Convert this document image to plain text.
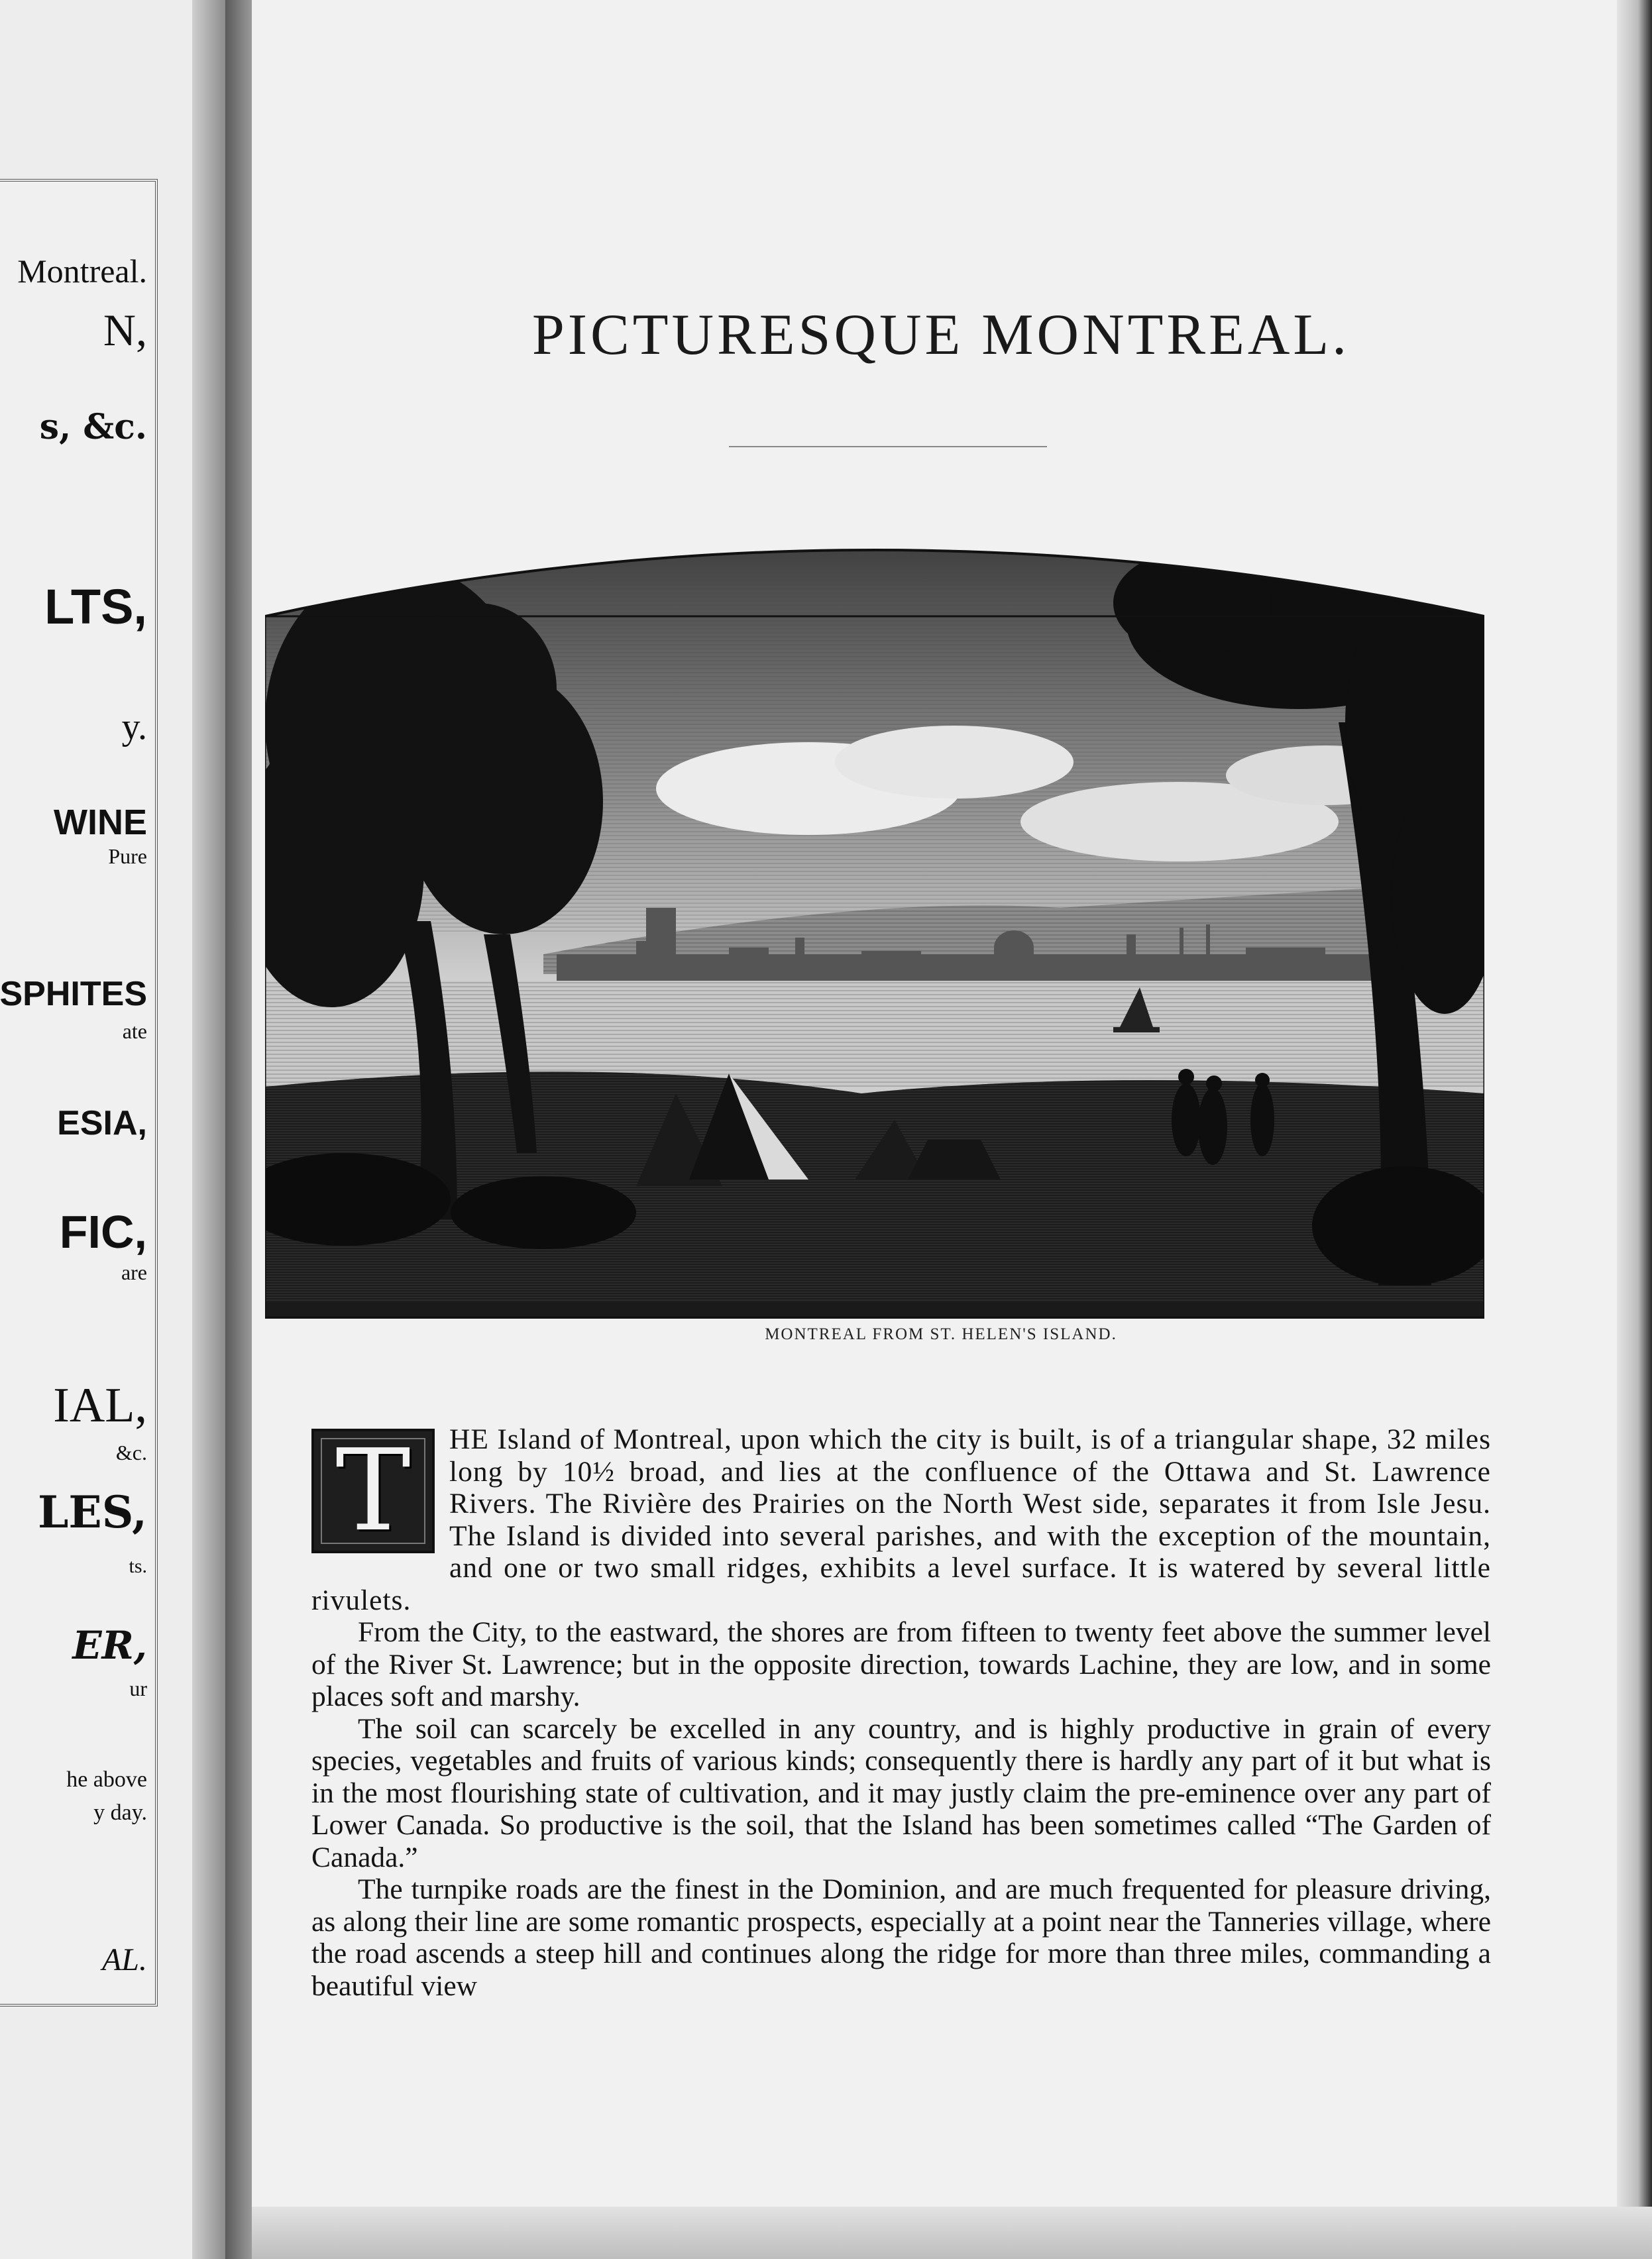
Montreal.
N,
s, &c.
LTS,
y.
WINE
Pure
SPHITES
ate
ESIA,
FIC,
are
IAL,
&c.
LES,
ts.
ER,
ur
he above
y day.
AL.
PICTURESQUE MONTREAL.
MONTREAL FROM ST. HELEN'S ISLAND.

T	HE Island of Montreal, upon which the city is built, is of a triangular shape, 32 miles long by 10½ broad, and lies at the confluence of the Ottawa and St. Lawrence Rivers. The Rivière des Prairies on the North West side, separates it from Isle Jesu. The Island is divided into several parishes, and with the exception of the mountain, and one or two small ridges, exhibits a level surface. It is watered by several little rivulets.

From the City, to the eastward, the shores are from fifteen to twenty feet above the summer level of the River St. Lawrence; but in the opposite direction, towards Lachine, they are low, and in some places soft and marshy.

The soil can scarcely be excelled in any country, and is highly productive in grain of every species, vegetables and fruits of various kinds; consequently there is hardly any part of it but what is in the most flourishing state of cultivation, and it may justly claim the pre-eminence over any part of Lower Canada. So productive is the soil, that the Island has been sometimes called “The Garden of Canada.”

The turnpike roads are the finest in the Dominion, and are much frequented for pleasure driving, as along their line are some romantic prospects, especially at a point near the Tanneries village, where the road ascends a steep hill and continues along the ridge for more than three miles, commanding a beautiful view
